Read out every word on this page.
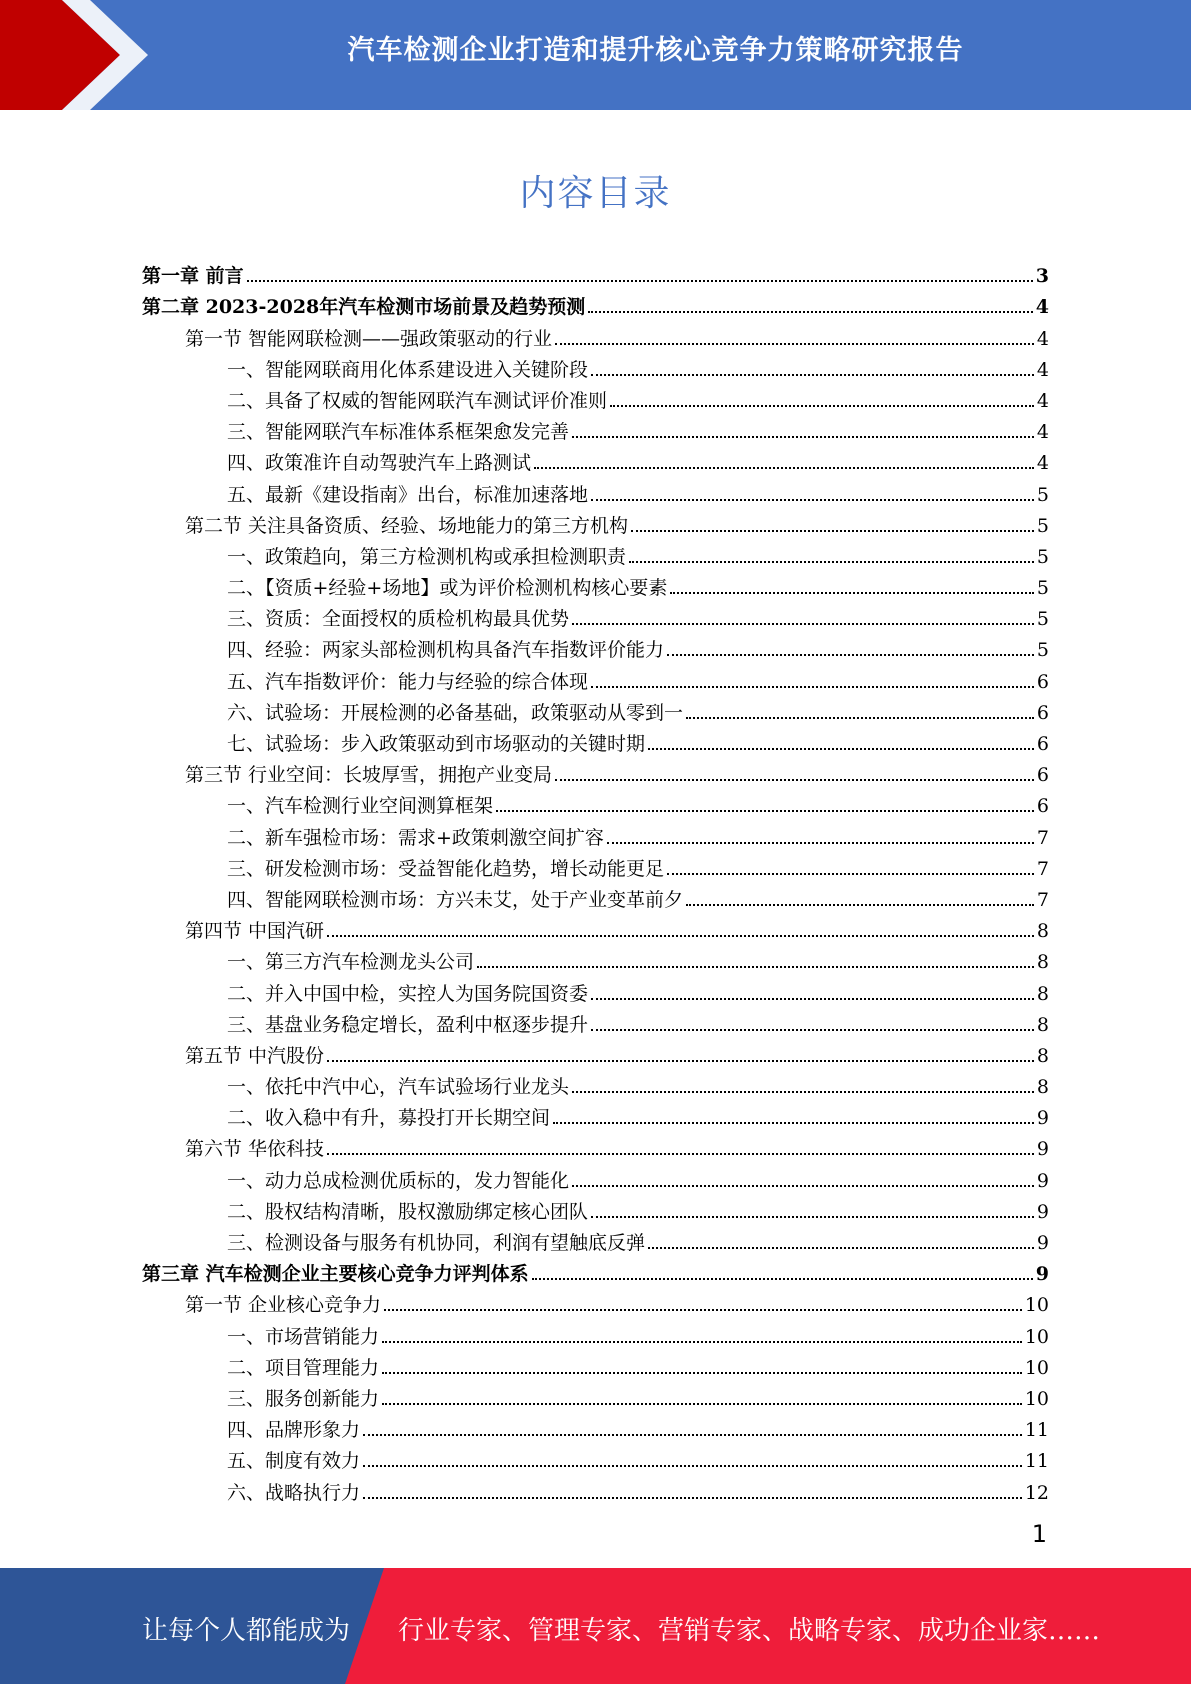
汽车检测企业打造和提升核心竞争力策略研究报告
内容目录
第一章 前言	3
第二章 2023-2028年汽车检测市场前景及趋势预测	4
第一节 智能网联检测——强政策驱动的行业	4
一、智能网联商用化体系建设进入关键阶段	4
二、具备了权威的智能网联汽车测试评价准则	4
三、智能网联汽车标准体系框架愈发完善	4
四、政策准许自动驾驶汽车上路测试	4
五、最新《建设指南》出台，标准加速落地	5
第二节 关注具备资质、经验、场地能力的第三方机构	5
一、政策趋向，第三方检测机构或承担检测职责	5
二、【资质+经验+场地】或为评价检测机构核心要素	5
三、资质：全面授权的质检机构最具优势	5
四、经验：两家头部检测机构具备汽车指数评价能力	5
五、汽车指数评价：能力与经验的综合体现	6
六、试验场：开展检测的必备基础，政策驱动从零到一	6
七、试验场：步入政策驱动到市场驱动的关键时期	6
第三节 行业空间：长坡厚雪，拥抱产业变局	6
一、汽车检测行业空间测算框架	6
二、新车强检市场：需求+政策刺激空间扩容	7
三、研发检测市场：受益智能化趋势，增长动能更足	7
四、智能网联检测市场：方兴未艾，处于产业变革前夕	7
第四节 中国汽研	8
一、第三方汽车检测龙头公司	8
二、并入中国中检，实控人为国务院国资委	8
三、基盘业务稳定增长，盈利中枢逐步提升	8
第五节 中汽股份	8
一、依托中汽中心，汽车试验场行业龙头	8
二、收入稳中有升，募投打开长期空间	9
第六节 华依科技	9
一、动力总成检测优质标的，发力智能化	9
二、股权结构清晰，股权激励绑定核心团队	9
三、检测设备与服务有机协同，利润有望触底反弹	9
第三章 汽车检测企业主要核心竞争力评判体系	9
第一节 企业核心竞争力	10
一、市场营销能力	10
二、项目管理能力	10
三、服务创新能力	10
四、品牌形象力	11
五、制度有效力	11
六、战略执行力	12
1
让每个人都能成为 行业专家、管理专家、营销专家、战略专家、成功企业家……
